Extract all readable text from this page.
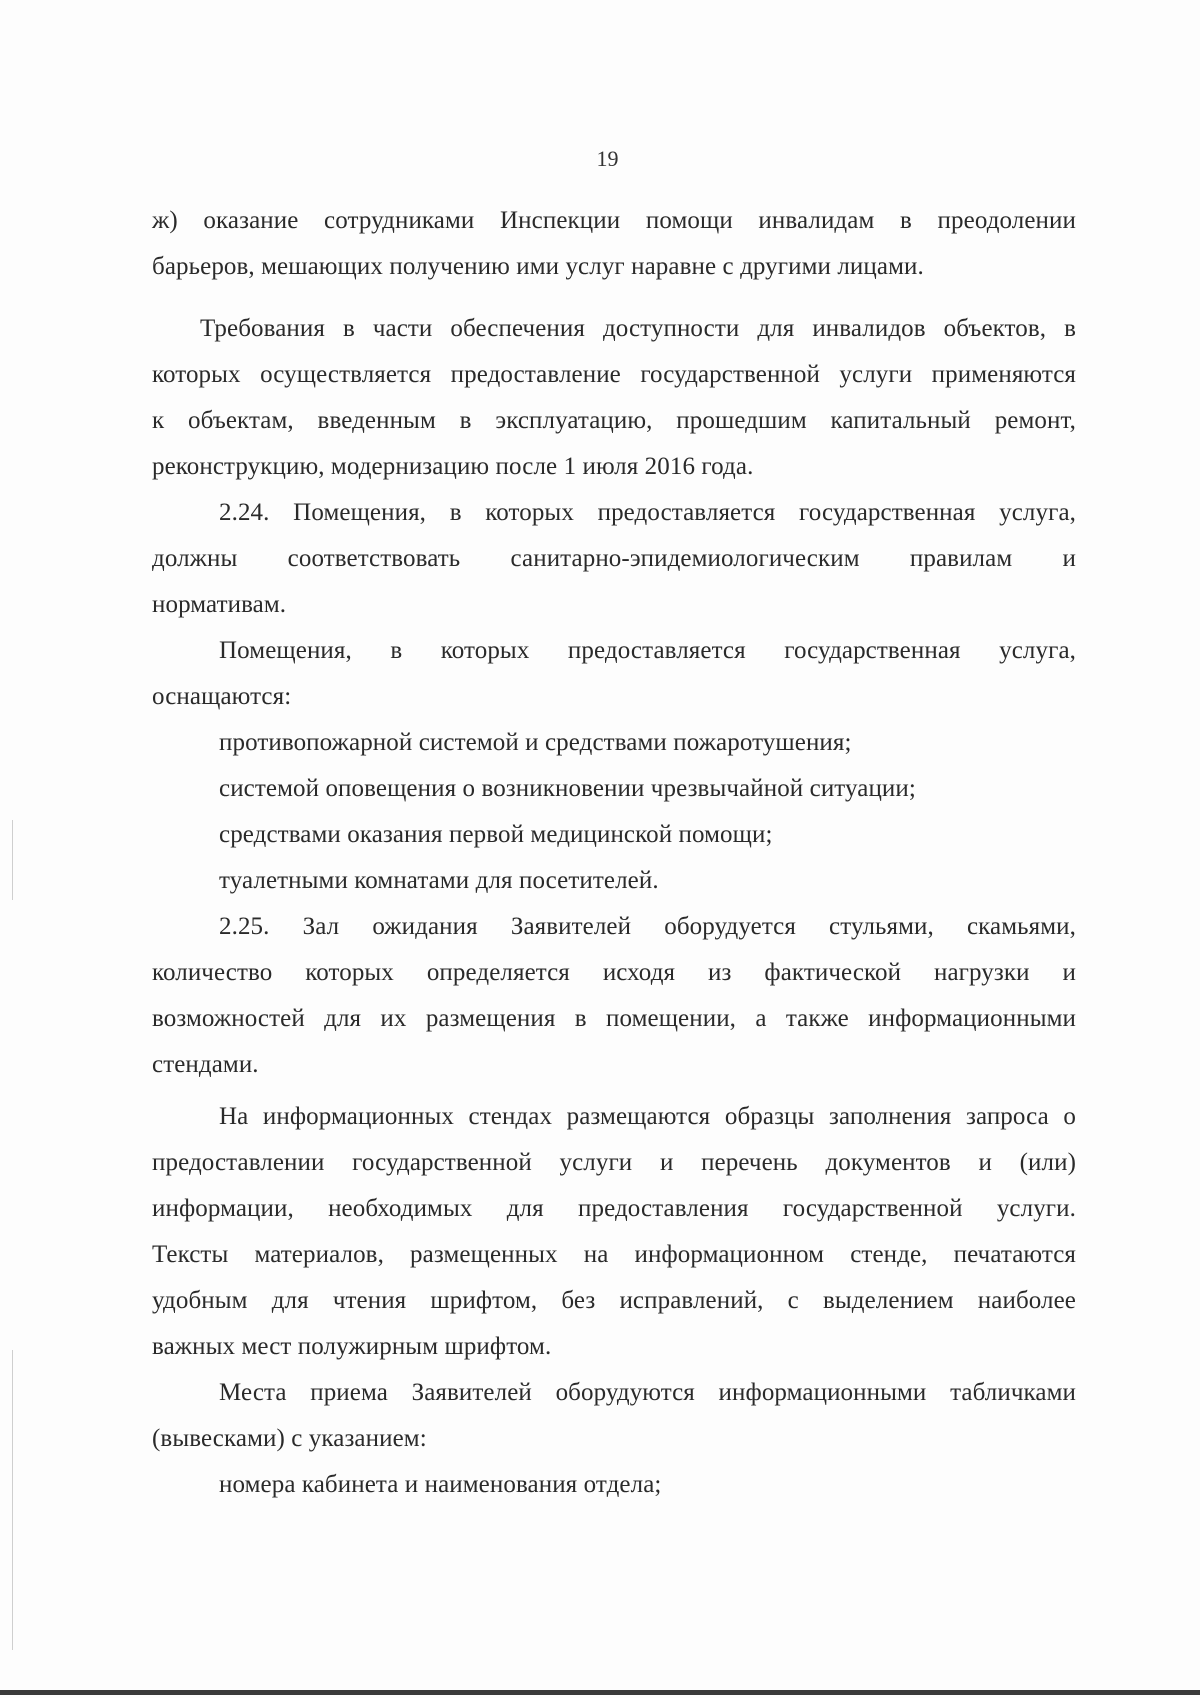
19
ж) оказание сотрудниками Инспекции помощи инвалидам в преодолении
барьеров, мешающих получению ими услуг наравне с другими лицами.
Требования в части обеспечения доступности для инвалидов объектов, в
которых осуществляется предоставление государственной услуги применяются
к объектам, введенным в эксплуатацию, прошедшим капитальный ремонт,
реконструкцию, модернизацию после 1 июля 2016 года.
2.24. Помещения, в которых предоставляется государственная услуга,
должны соответствовать санитарно-эпидемиологическим правилам и
нормативам.
Помещения, в которых предоставляется государственная услуга,
оснащаются:
противопожарной системой и средствами пожаротушения;
системой оповещения о возникновении чрезвычайной ситуации;
средствами оказания первой медицинской помощи;
туалетными комнатами для посетителей.
2.25. Зал ожидания Заявителей оборудуется стульями, скамьями,
количество которых определяется исходя из фактической нагрузки и
возможностей для их размещения в помещении, а также информационными
стендами.
На информационных стендах размещаются образцы заполнения запроса о
предоставлении государственной услуги и перечень документов и (или)
информации, необходимых для предоставления государственной услуги.
Тексты материалов, размещенных на информационном стенде, печатаются
удобным для чтения шрифтом, без исправлений, с выделением наиболее
важных мест полужирным шрифтом.
Места приема Заявителей оборудуются информационными табличками
(вывесками) с указанием:
номера кабинета и наименования отдела;
